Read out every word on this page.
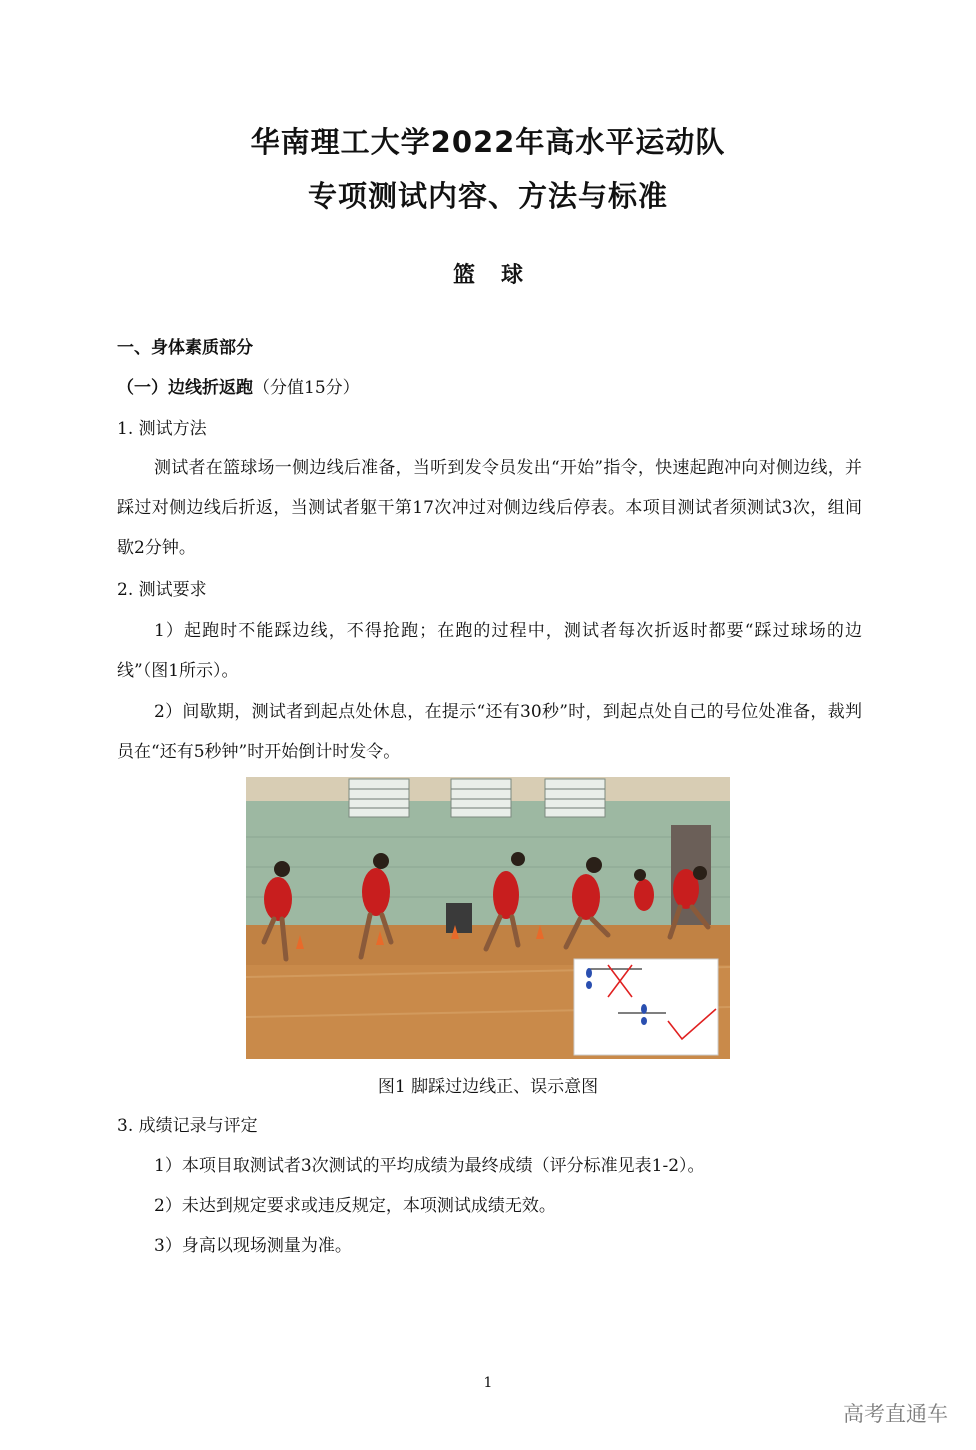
华南理工大学2022年高水平运动队
专项测试内容、方法与标准
篮球
一、身体素质部分
（一）边线折返跑（分值15分）
1. 测试方法
测试者在篮球场一侧边线后准备，当听到发令员发出“开始”指令，快速起跑冲向对侧边线，并踩过对侧边线后折返，当测试者躯干第17次冲过对侧边线后停表。本项目测试者须测试3次，组间歇2分钟。
2. 测试要求
1）起跑时不能踩边线，不得抢跑；在跑的过程中，测试者每次折返时都要“踩过球场的边线”（图1所示）。
2）间歇期，测试者到起点处休息，在提示“还有30秒”时，到起点处自己的号位处准备，裁判员在“还有5秒钟”时开始倒计时发令。
图1 脚踩过边线正、误示意图
3. 成绩记录与评定
1）本项目取测试者3次测试的平均成绩为最终成绩（评分标准见表1-2）。
2）未达到规定要求或违反规定，本项测试成绩无效。
3）身高以现场测量为准。
1
高考直通车
